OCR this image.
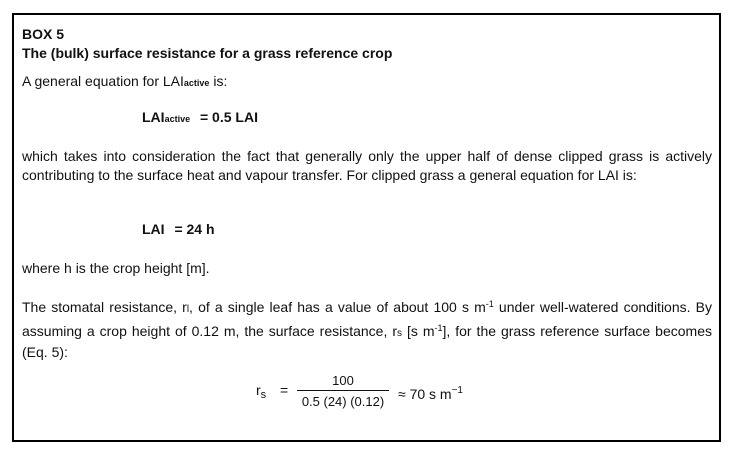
BOX 5
The (bulk) surface resistance for a grass reference crop
A general equation for LAIactive is:
LAIactive = 0.5 LAI
which takes into consideration the fact that generally only the upper half of dense clipped grass is actively contributing to the surface heat and vapour transfer. For clipped grass a general equation for LAI is:
LAI = 24 h
where h is the crop height [m].
The stomatal resistance, rl, of a single leaf has a value of about 100 s $m^{-1}$ under well-watered conditions. By assuming a crop height of 0.12 m, the surface resistance, rs [s $m^{-1}$], for the grass reference surface becomes (Eq. 5):
$r_s$ =
100
0.5 (24) (0.12) ≈ 70 s $m^{-1}$
